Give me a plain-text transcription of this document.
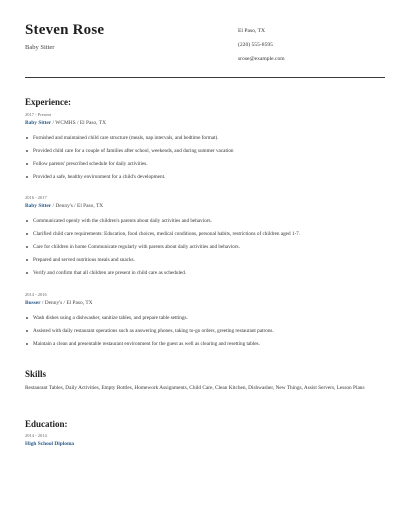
Steven Rose
Baby Sitter
El Paso, TX
(220) 555-8595
srose@example.com
Experience:
2017 - Present
Baby Sitter / WCMHS / El Paso, TX
Furnished and maintained child care structure (meals, nap intervals, and bedtime format).
Provided child care for a couple of families after school, weekends, and during summer vacation
Follow parents' prescribed schedule for daily activities.
Provided a safe, healthy environment for a child's development.
2016 - 2017
Baby Sitter / Denny's / El Paso, TX
Communicated openly with the children's parents about daily activities and behaviors.
Clarified child care requirements: Education, food choices, medical conditions, personal habits, restrictions of children aged 1-7.
Care for children in home Communicate regularly with parents about daily activities and behaviors.
Prepared and served nutritious meals and snacks.
Verify and confirm that all children are present in child care as scheduled.
2014 - 2016
Busser / Denny's / El Paso, TX
Wash dishes using a dishwasher, sanitize tables, and prepare table settings.
Assisted with daily restaurant operations such as answering phones, taking to-go orders, greeting restaurant patrons.
Maintain a clean and presentable restaurant environment for the guest as well as clearing and resetting tables.
Skills
Restaurant Tables, Daily Activities, Empty Bottles, Homework Assignments, Child Care, Clean Kitchen, Dishwasher, New Things, Assist Servers, Lesson Plans
Education:
2014 - 2014
High School Diploma
